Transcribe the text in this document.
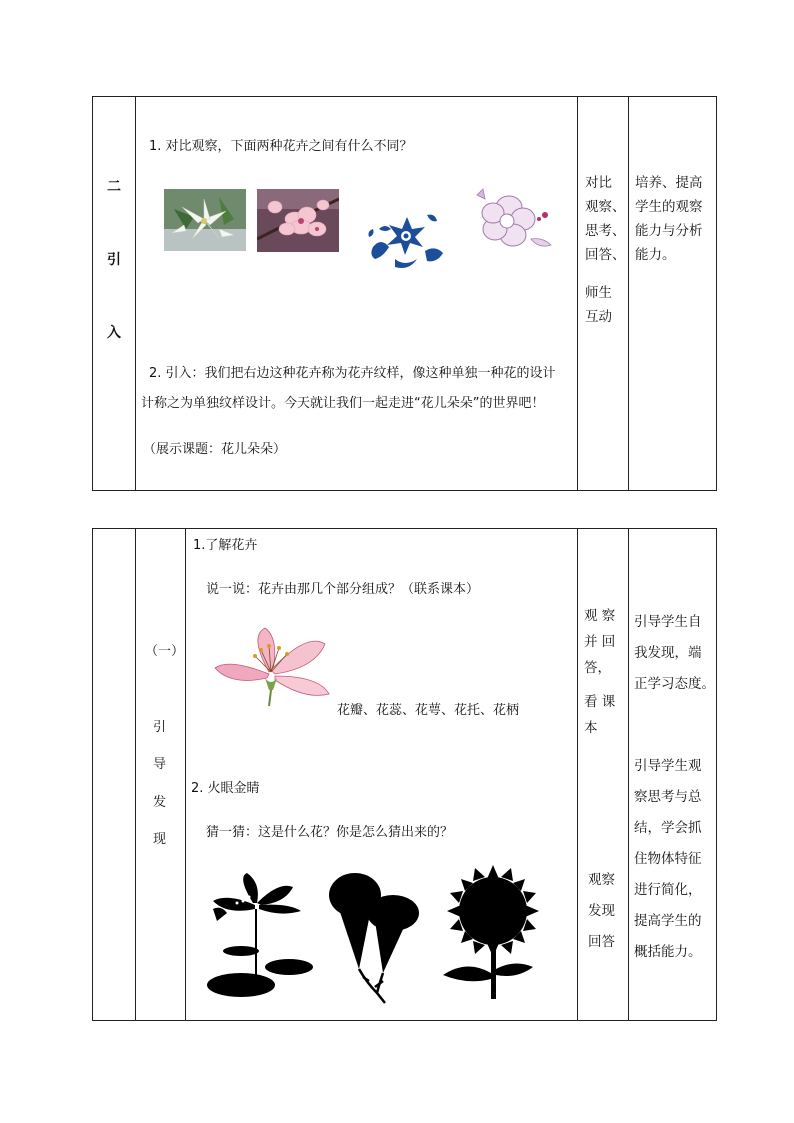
二
引
入
1. 对比观察，下面两种花卉之间有什么不同？
2. 引入：我们把右边这种花卉称为花卉纹样，像这种单独一种花的设计
计称之为单独纹样设计。今天就让我们一起走进“花儿朵朵”的世界吧！
（展示课题：花儿朵朵）
对比
观察、
思考、
回答、
师生
互动
培养、提高
学生的观察
能力与分析
能力。
（一）
引
导
发
现
1.了解花卉
说一说：花卉由那几个部分组成？（联系课本）
花瓣、花蕊、花萼、花托、花柄
2. 火眼金睛
猜一猜：这是什么花？你是怎么猜出来的？
观 察
并 回
答，
看 课
本
观察
发现
回答
引导学生自
我发现，端
正学习态度。
引导学生观
察思考与总
结，学会抓
住物体特征
进行简化，
提高学生的
概括能力。
